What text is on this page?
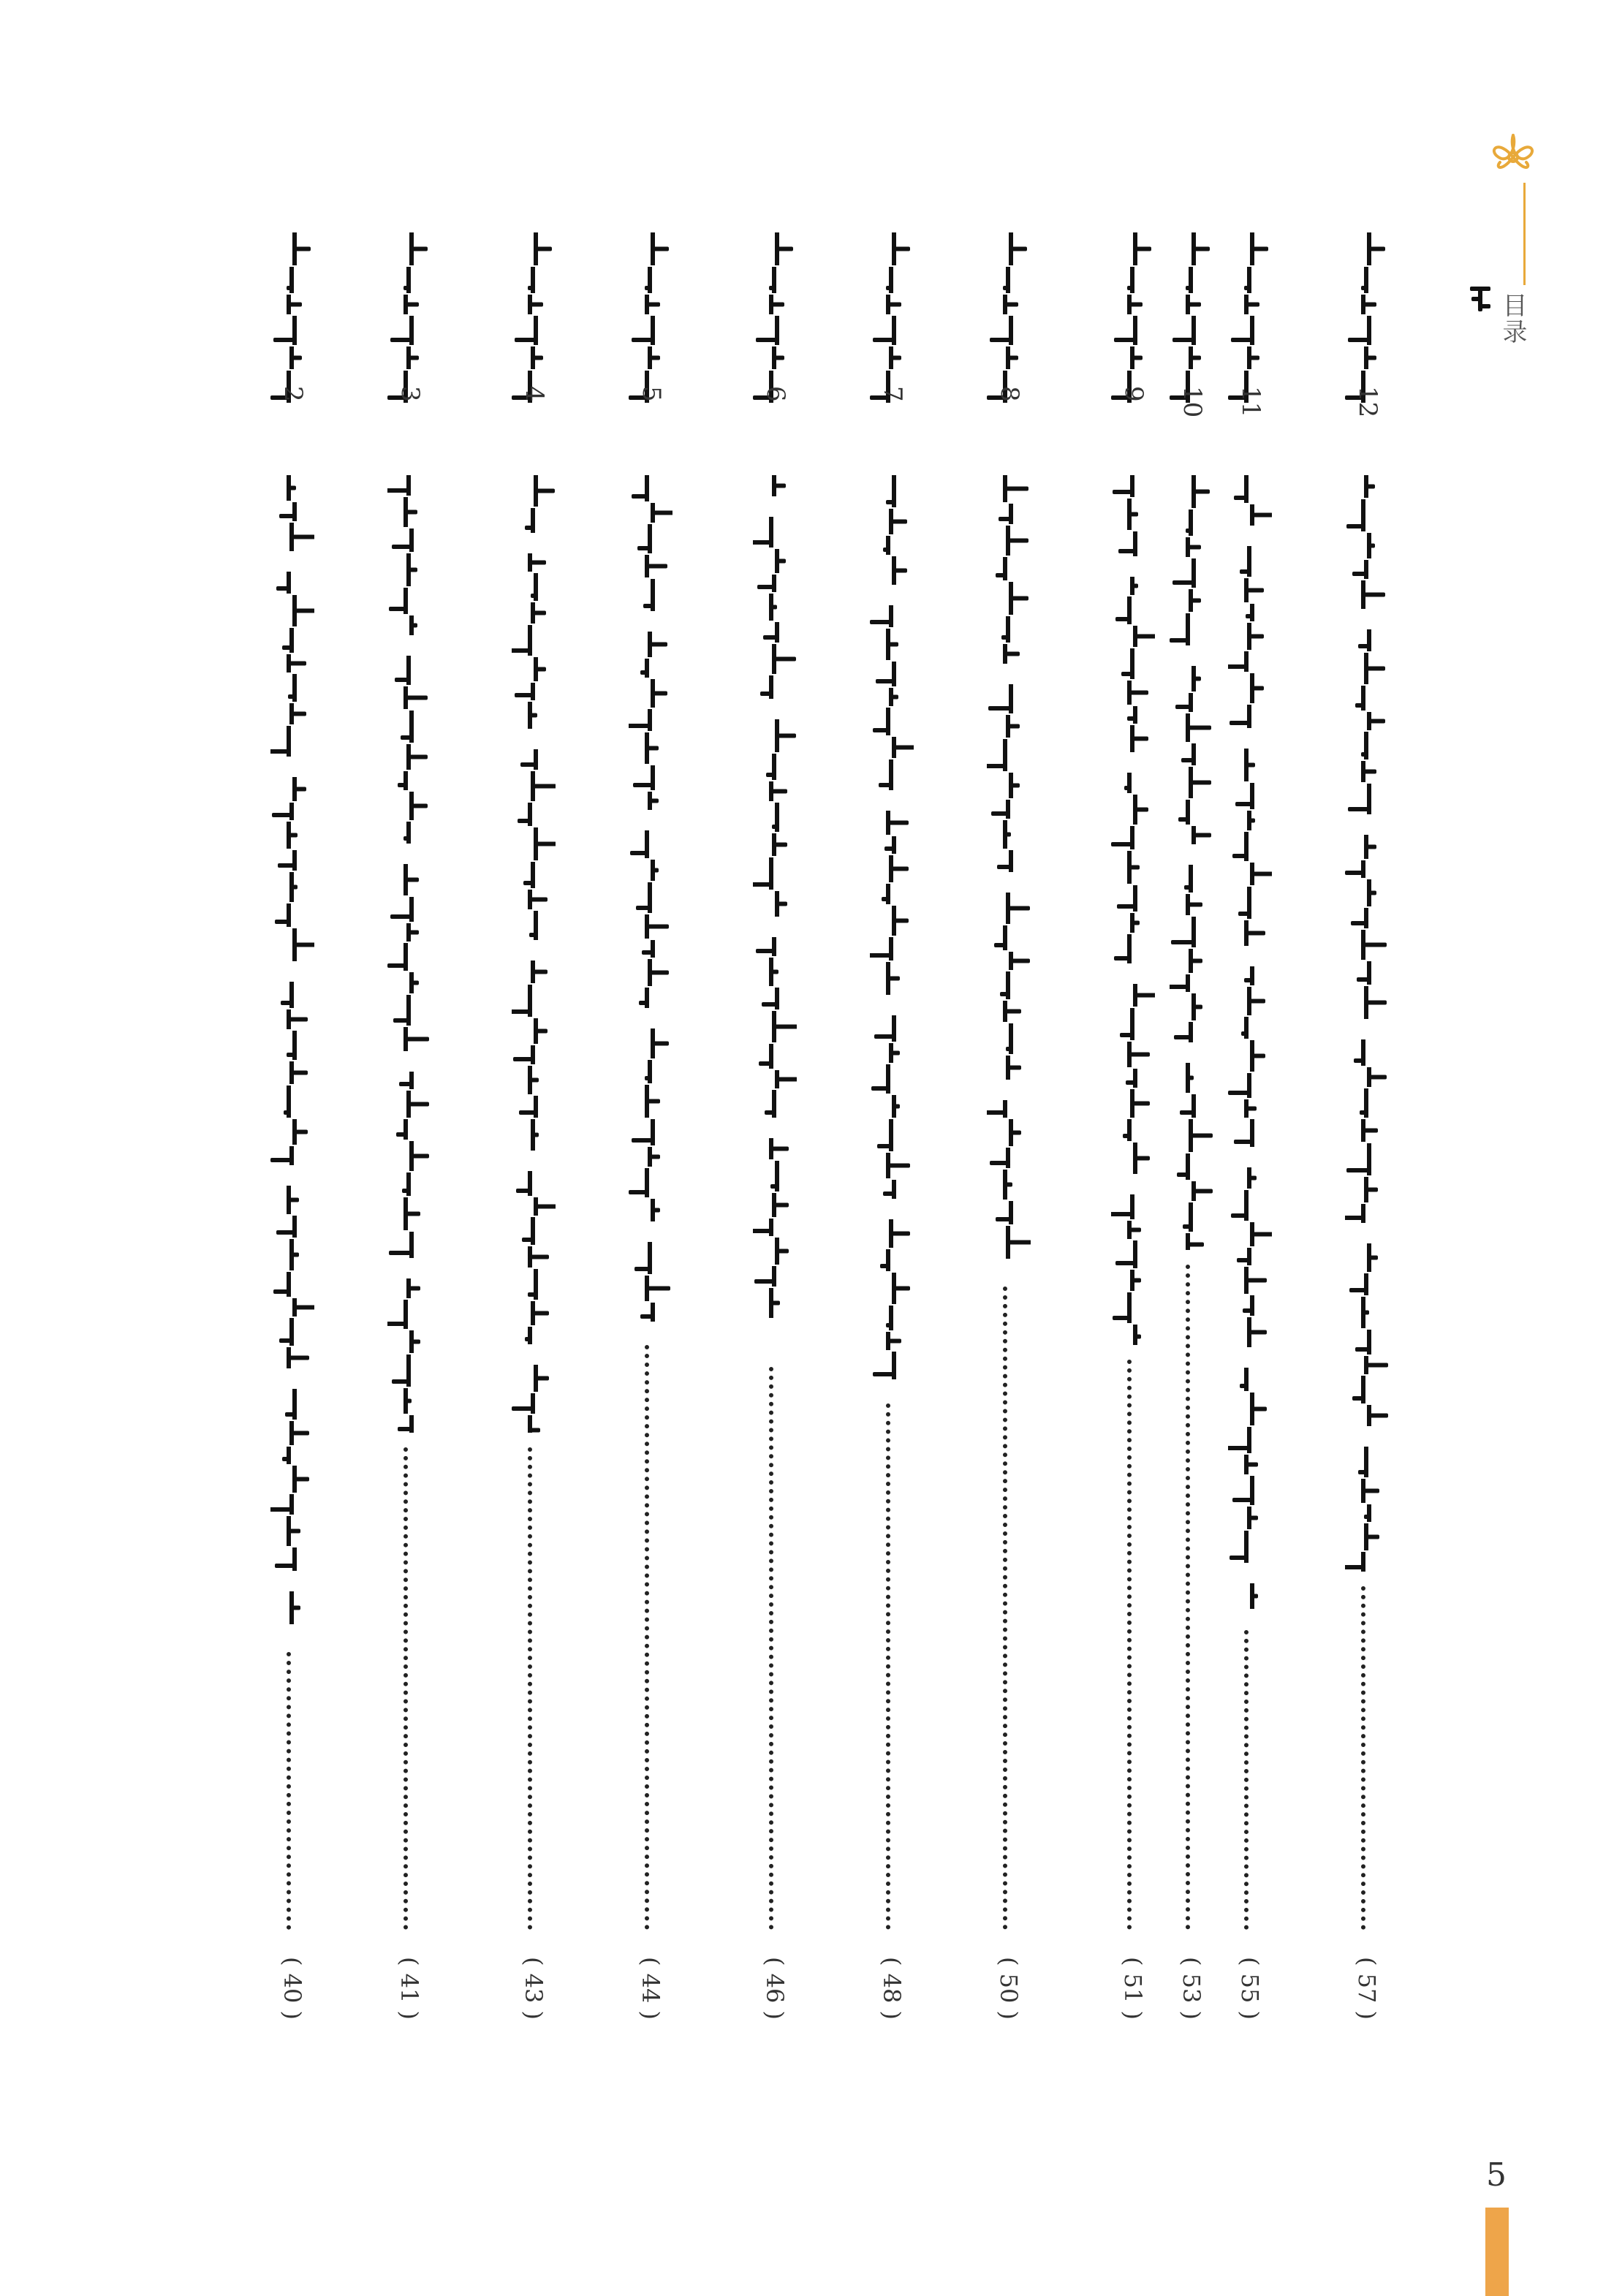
目录
12
( 57 )
11
( 55 )
10
( 53 )
9
( 51 )
8
( 50 )
7
( 48 )
6
( 46 )
5
( 44 )
4
( 43 )
3
( 41 )
2
( 40 )
5
